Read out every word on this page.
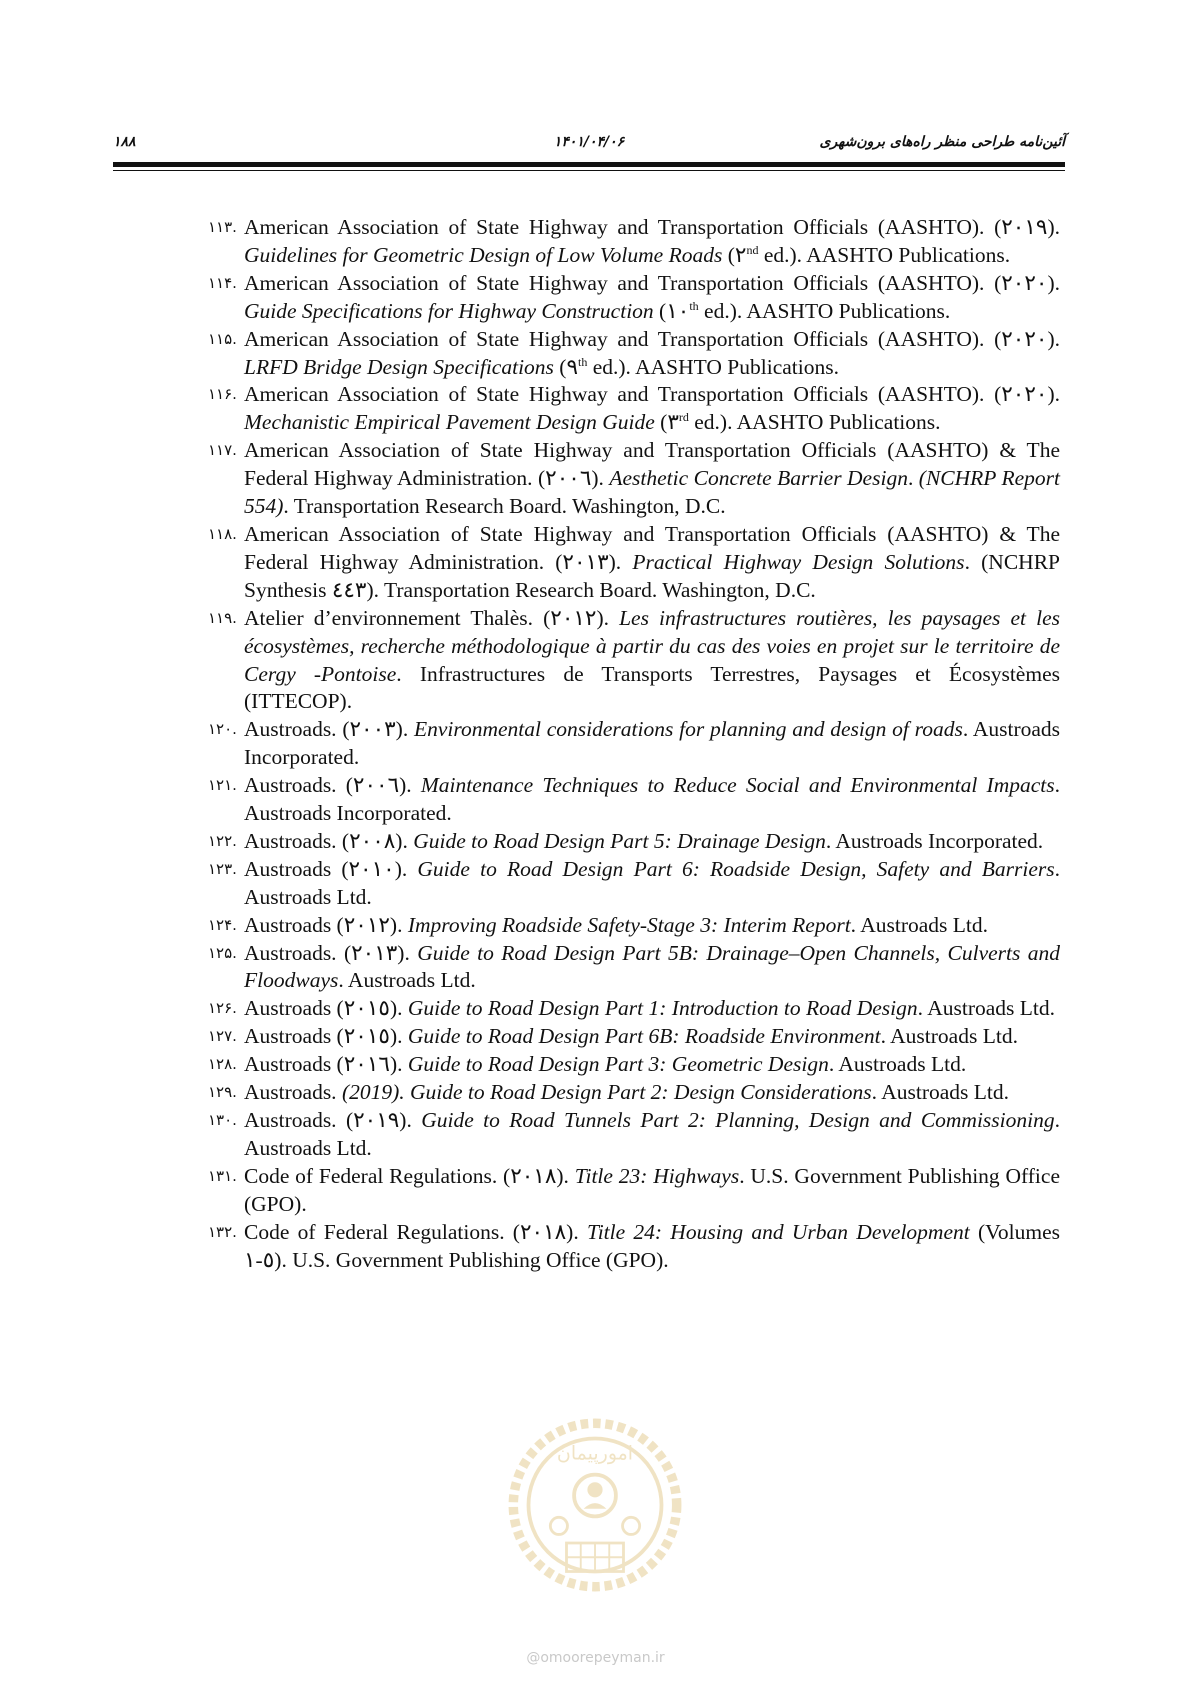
۱۸۸	۱۴۰۱/۰۴/۰۶	آئین‌نامه طراحی منظر راه‌های برون‌شهری
۱۱۳. American Association of State Highway and Transportation Officials (AASHTO). (۲۰۱۹). Guidelines for Geometric Design of Low Volume Roads (۲nd ed.). AASHTO Publications.
۱۱۴. American Association of State Highway and Transportation Officials (AASHTO). (۲۰۲۰). Guide Specifications for Highway Construction (۱۰th ed.). AASHTO Publications.
۱۱۵. American Association of State Highway and Transportation Officials (AASHTO). (۲۰۲۰). LRFD Bridge Design Specifications (۹th ed.). AASHTO Publications.
۱۱۶. American Association of State Highway and Transportation Officials (AASHTO). (۲۰۲۰). Mechanistic Empirical Pavement Design Guide (۳rd ed.). AASHTO Publications.
۱۱۷. American Association of State Highway and Transportation Officials (AASHTO) & The Federal Highway Administration. (۲۰۰٦). Aesthetic Concrete Barrier Design. (NCHRP Report 554). Transportation Research Board. Washington, D.C.
۱۱۸. American Association of State Highway and Transportation Officials (AASHTO) & The Federal Highway Administration. (۲۰۱۳). Practical Highway Design Solutions. (NCHRP Synthesis ٤٤٣). Transportation Research Board. Washington, D.C.
۱۱۹. Atelier d’environnement Thalès. (۲۰۱۲). Les infrastructures routières, les paysages et les écosystèmes, recherche méthodologique à partir du cas des voies en projet sur le territoire de Cergy -Pontoise. Infrastructures de Transports Terrestres, Paysages et Écosystèmes (ITTECOP).
۱۲۰. Austroads. (۲۰۰۳). Environmental considerations for planning and design of roads. Austroads Incorporated.
۱۲۱. Austroads. (۲۰۰٦). Maintenance Techniques to Reduce Social and Environmental Impacts. Austroads Incorporated.
۱۲۲. Austroads. (۲۰۰۸). Guide to Road Design Part 5: Drainage Design. Austroads Incorporated.
۱۲۳. Austroads (۲۰۱۰). Guide to Road Design Part 6: Roadside Design, Safety and Barriers. Austroads Ltd.
۱۲۴. Austroads (۲۰۱۲). Improving Roadside Safety-Stage 3: Interim Report. Austroads Ltd.
۱۲۵. Austroads. (۲۰۱۳). Guide to Road Design Part 5B: Drainage–Open Channels, Culverts and Floodways. Austroads Ltd.
۱۲۶. Austroads (۲۰۱٥). Guide to Road Design Part 1: Introduction to Road Design. Austroads Ltd.
۱۲۷. Austroads (۲۰۱٥). Guide to Road Design Part 6B: Roadside Environment. Austroads Ltd.
۱۲۸. Austroads (۲۰۱٦). Guide to Road Design Part 3: Geometric Design. Austroads Ltd.
۱۲۹. Austroads. (2019). Guide to Road Design Part 2: Design Considerations. Austroads Ltd.
۱۳۰. Austroads. (۲۰۱۹). Guide to Road Tunnels Part 2: Planning, Design and Commissioning. Austroads Ltd.
۱۳۱. Code of Federal Regulations. (۲۰۱۸). Title 23: Highways. U.S. Government Publishing Office (GPO).
۱۳۲. Code of Federal Regulations. (۲۰۱۸). Title 24: Housing and Urban Development (Volumes ۱-٥). U.S. Government Publishing Office (GPO).
امورپیمان
@omoorepeyman.ir
